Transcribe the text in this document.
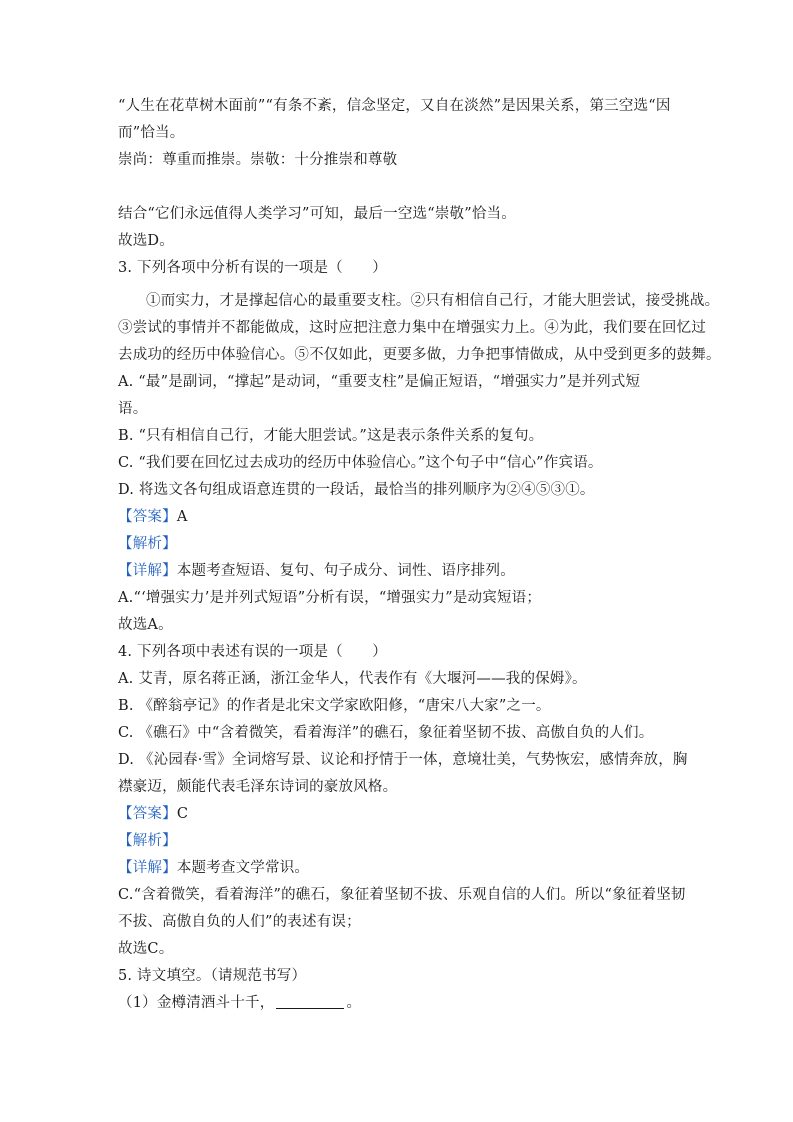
“人生在花草树木面前”“有条不紊，信念坚定，又自在淡然”是因果关系，第三空选“因
而”恰当。
崇尚：尊重而推崇。崇敬：十分推崇和尊敬
结合“它们永远值得人类学习”可知，最后一空选“崇敬”恰当。
故选D。
3. 下列各项中分析有误的一项是（　　）
①而实力，才是撑起信心的最重要支柱。②只有相信自己行，才能大胆尝试，接受挑战。
③尝试的事情并不都能做成，这时应把注意力集中在增强实力上。④为此，我们要在回忆过
去成功的经历中体验信心。⑤不仅如此，更要多做，力争把事情做成，从中受到更多的鼓舞。
A. “最”是副词，“撑起”是动词，“重要支柱”是偏正短语，“增强实力”是并列式短
语。
B. “只有相信自己行，才能大胆尝试。”这是表示条件关系的复句。
C. “我们要在回忆过去成功的经历中体验信心。”这个句子中“信心”作宾语。
D. 将选文各句组成语意连贯的一段话，最恰当的排列顺序为②④⑤③①。
【答案】A
【解析】
【详解】本题考查短语、复句、句子成分、词性、语序排列。
A.“‘增强实力’是并列式短语”分析有误，“增强实力”是动宾短语；
故选A。
4. 下列各项中表述有误的一项是（　　）
A. 艾青，原名蒋正涵，浙江金华人，代表作有《大堰河——我的保姆》。
B. 《醉翁亭记》的作者是北宋文学家欧阳修，“唐宋八大家”之一。
C. 《礁石》中“含着微笑，看着海洋”的礁石，象征着坚韧不拔、高傲自负的人们。
D. 《沁园春·雪》全词熔写景、议论和抒情于一体，意境壮美，气势恢宏，感情奔放，胸
襟豪迈，颇能代表毛泽东诗词的豪放风格。
【答案】C
【解析】
【详解】本题考查文学常识。
C.“含着微笑，看着海洋”的礁石，象征着坚韧不拔、乐观自信的人们。所以“象征着坚韧
不拔、高傲自负的人们”的表述有误；
故选C。
5. 诗文填空。（请规范书写）
（1）金樽清酒斗十千，	。
